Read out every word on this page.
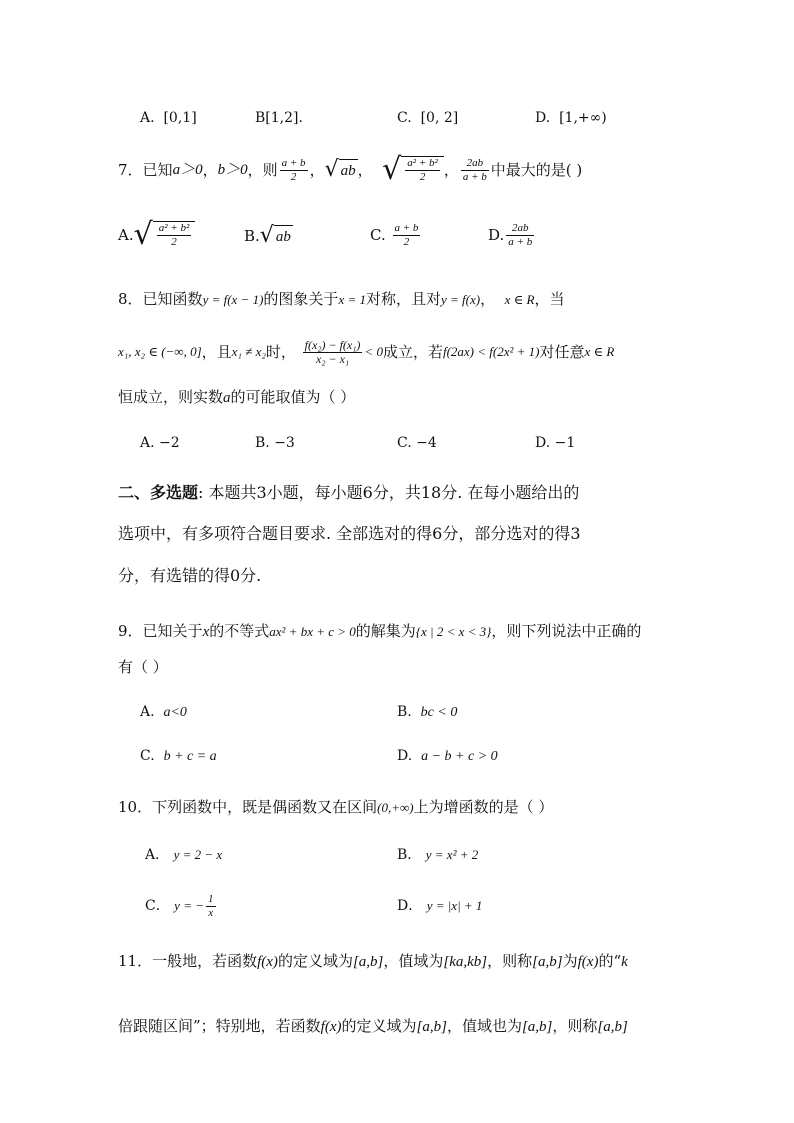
A. [0,1]	B[1,2].	C. [0, 2]	D. [1,+∞)
7． 已知 a＞0 ， b＞0 ，则 $\frac{a + b}{2}$ ， √ ab ，
√ $\frac{\text{a² + b²}}{2}$ ， $\frac{2ab}{a + b}$ 中最大的是( )
A. √ $\frac{\text{a² + b²}}{2}$	B. √ ab	C.
$\frac{a + b}{2}$	D. $\frac{2ab}{a + b}$
8．已知函数y = f(x − 1)的图象关于x = 1对称，且对y = f(x)， x ∈ R，当
x₁, x₂ ∈ (−∞, 0] ，且 x₁ ≠ x₂ 时，
$\frac{\text{f(x₂) − f(x₁)}}{\text{x₂ − x₁}} < 0$ 成立，若 f(2ax) < f(2x² + 1) 对任意 x ∈ R
恒成立，则实数a的可能取值为（ ）
A. −2	B. −3	C. −4	D. −1
二、多选题: 本题共3小题，每小题6分，共18分. 在每小题给出的
选项中，有多项符合题目要求. 全部选对的得6分，部分选对的得3
分，有选错的得0分.
9．已知关于x的不等式ax² + bx + c > 0的解集为{x | 2 < x < 3}，则下列说法中正确的
有（ ）
A. a<0	B. bc < 0
C. b + c = a	D. a − b + c > 0
10．下列函数中，既是偶函数又在区间(0,+∞)上为增函数的是（ ）
A． y = 2 − x	B． y = x² + 2
C．
y = − $\frac{1}{x}$	D． y = |x| + 1
11．一般地，若函数f(x)的定义域为[a,b]，值域为[ka,kb]，则称[a,b]为f(x)的“k
倍跟随区间”；特别地，若函数f(x)的定义域为[a,b]，值域也为[a,b]，则称[a,b]
